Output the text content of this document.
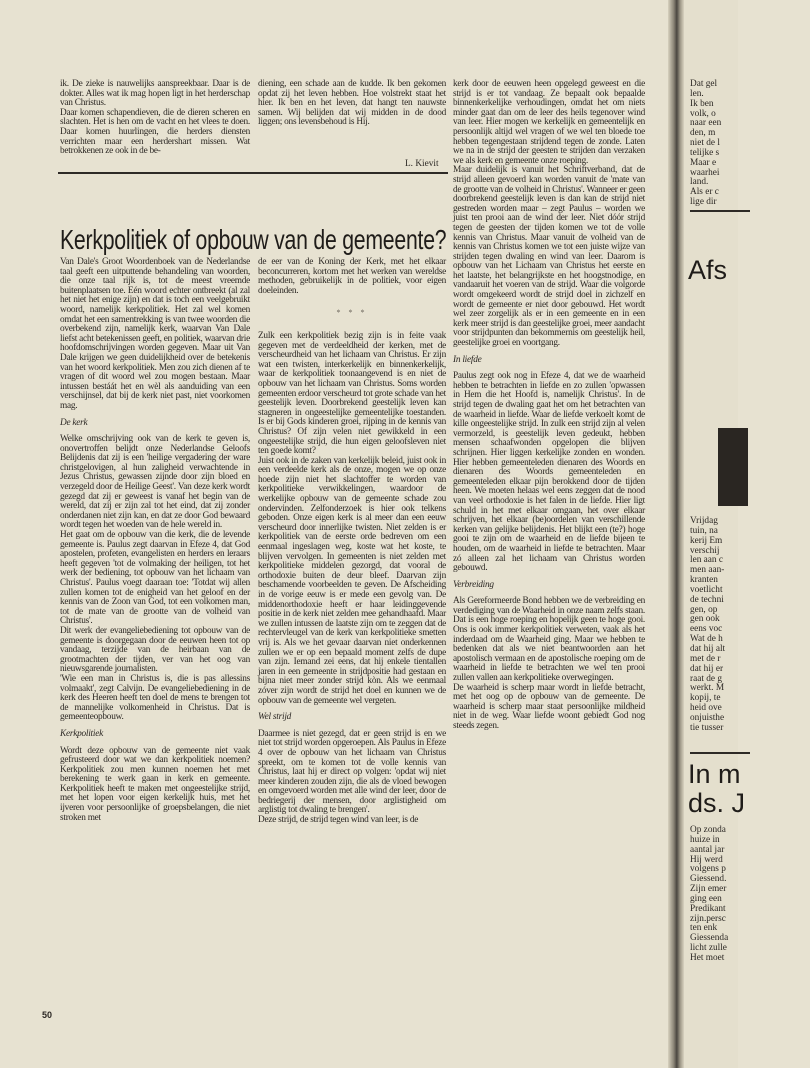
ik. De zieke is nauwelijks aanspreekbaar. Daar is de dokter. Alles wat ik mag hopen ligt in het herderschap van Christus.

Daar komen schapendieven, die de dieren scheren en slachten. Het is hen om de vacht en het vlees te doen. Daar komen huurlingen, die herders diensten verrichten maar een herdershart missen. Wat betrokkenen ze ook in de be-

diening, een schade aan de kudde. Ik ben gekomen opdat zij het leven hebben. Hoe volstrekt staat het hier. Ik ben en het leven, dat hangt ten nauwste samen. Wij belijden dat wij midden in de dood liggen; ons levensbehoud is Hij.

L. Kievit
Kerkpolitiek of opbouw van de gemeente?

Van Dale's Groot Woordenboek van de Nederlandse taal geeft een uitputtende behandeling van woorden, die onze taal rijk is, tot de meest vreemde buitenplaatsen toe. Eén woord echter ontbreekt (al zal het niet het enige zijn) en dat is toch een veelgebruikt woord, namelijk kerkpolitiek. Het zal wel komen omdat het een samentrekking is van twee woorden die overbekend zijn, namelijk kerk, waarvan Van Dale liefst acht betekenissen geeft, en politiek, waarvan drie hoofdomschrijvingen worden gegeven. Maar uit Van Dale krijgen we geen duidelijkheid over de betekenis van het woord kerkpolitiek. Men zou zich dienen af te vragen of dit woord wel zou mogen bestaan. Maar intussen bestáát het en wèl als aanduiding van een verschijnsel, dat bij de kerk niet past, niet voorkomen mag.

De kerk

Welke omschrijving ook van de kerk te geven is, onovertroffen belijdt onze Nederlandse Geloofs Belijdenis dat zij is een 'heilige vergadering der ware christgelovigen, al hun zaligheid verwachtende in Jezus Christus, gewassen zijnde door zijn bloed en verzegeld door de Heilige Geest'. Van deze kerk wordt gezegd dat zij er geweest is vanaf het begin van de wereld, dat zij er zijn zal tot het eind, dat zij zonder onderdanen niet zijn kan, en dat ze door God bewaard wordt tegen het woeden van de hele wereld in.

Het gaat om de opbouw van die kerk, die de levende gemeente is. Paulus zegt daarvan in Efeze 4, dat God apostelen, profeten, evangelisten en herders en leraars heeft gegeven 'tot de volmaking der heiligen, tot het werk der bediening, tot opbouw van het lichaam van Christus'. Paulus voegt daaraan toe: 'Totdat wij allen zullen komen tot de enigheid van het geloof en der kennis van de Zoon van God, tot een volkomen man, tot de mate van de grootte van de volheid van Christus'.

Dit werk der evangeliebediening tot opbouw van de gemeente is doorgegaan door de eeuwen heen tot op vandaag, terzijde van de heirbaan van de grootmachten der tijden, ver van het oog van nieuwsgarende journalisten.

'Wie een man in Christus is, die is pas allessins volmaakt', zegt Calvijn. De evangeliebediening in de kerk des Heeren heeft ten doel de mens te brengen tot de mannelijke volkomenheid in Christus. Dat is gemeenteopbouw.

Kerkpolitiek

Wordt deze opbouw van de gemeente niet vaak gefrusteerd door wat we dan kerkpolitiek noemen? Kerkpolitiek zou men kunnen noemen het met berekening te werk gaan in kerk en gemeente. Kerkpolitiek heeft te maken met ongeestelijke strijd, met het lopen voor eigen kerkelijk huis, met het ijveren voor persoonlijke of groepsbelangen, die niet stroken met

de eer van de Koning der Kerk, met het elkaar beconcurreren, kortom met het werken van wereldse methoden, gebruikelijk in de politiek, voor eigen doeleinden.

* * *

Zulk een kerkpolitiek bezig zijn is in feite vaak gegeven met de verdeeldheid der kerken, met de verscheurdheid van het lichaam van Christus. Er zijn wat een twisten, interkerkelijk en binnenkerkelijk, waar de kerkpolitiek toonaangevend is en niet de opbouw van het lichaam van Christus. Soms worden gemeenten erdoor verscheurd tot grote schade van het geestelijk leven. Doorbrekend geestelijk leven kan stagneren in ongeestelijke gemeentelijke toestanden. Is er bij Gods kinderen groei, rijping in de kennis van Christus? Of zijn velen niet gewikkeld in een ongeestelijke strijd, die hun eigen geloofsleven niet ten goede komt?

Juist ook in de zaken van kerkelijk beleid, juist ook in een verdeelde kerk als de onze, mogen we op onze hoede zijn niet het slachtoffer te worden van kerkpolitieke verwikkelingen, waardoor de werkelijke opbouw van de gemeente schade zou ondervinden. Zelfonderzoek is hier ook telkens geboden. Onze eigen kerk is al meer dan een eeuw verscheurd door innerlijke twisten. Niet zelden is er kerkpolitiek van de eerste orde bedreven om een eenmaal ingeslagen weg, koste wat het koste, te blijven vervolgen. In gemeenten is niet zelden met kerkpolitieke middelen gezorgd, dat vooral de orthodoxie buiten de deur bleef. Daarvan zijn beschamende voorbeelden te geven. De Afscheiding in de vorige eeuw is er mede een gevolg van. De middenorthodoxie heeft er haar leidinggevende positie in de kerk niet zelden mee gehandhaafd. Maar we zullen intussen de laatste zijn om te zeggen dat de rechtervleugel van de kerk van kerkpolitieke smetten vrij is. Als we het gevaar daarvan niet onderkennen zullen we er op een bepaald moment zelfs de dupe van zijn. Iemand zei eens, dat hij enkele tientallen jaren in een gemeente in strijdpositie had gestaan en bijna niet meer zonder strijd kòn. Als we eenmaal zóver zijn wordt de strijd het doel en kunnen we de opbouw van de gemeente wel vergeten.

Wel strijd

Daarmee is niet gezegd, dat er geen strijd is en we niet tot strijd worden opgeroepen. Als Paulus in Efeze 4 over de opbouw van het lichaam van Christus spreekt, om te komen tot de volle kennis van Christus, laat hij er direct op volgen: 'opdat wij niet meer kinderen zouden zijn, die als de vloed bewogen en omgevoerd worden met alle wind der leer, door de bedriegerij der mensen, door arglistigheid om arglistig tot dwaling te brengen'.

Deze strijd, de strijd tegen wind van leer, is de

kerk door de eeuwen heen opgelegd geweest en die strijd is er tot vandaag. Ze bepaalt ook bepaalde binnenkerkelijke verhoudingen, omdat het om niets minder gaat dan om de leer des heils tegenover wind van leer. Hier mogen we kerkelijk en gemeentelijk en persoonlijk altijd wel vragen of we wel ten bloede toe hebben tegengestaan strijdend tegen de zonde. Laten we na in de strijd der geesten te strijden dan verzaken we als kerk en gemeente onze roeping.

Maar duidelijk is vanuit het Schriftverband, dat de strijd alleen gevoerd kan worden vanuit de 'mate van de grootte van de volheid in Christus'. Wanneer er geen doorbrekend geestelijk leven is dan kan de strijd niet gestreden worden maar – zegt Paulus – worden we juist ten prooi aan de wind der leer. Niet dóór strijd tegen de geesten der tijden komen we tot de volle kennis van Christus. Maar vanuit de volheid van de kennis van Christus komen we tot een juiste wijze van strijden tegen dwaling en wind van leer. Daarom is opbouw van het Lichaam van Christus het eerste en het laatste, het belangrijkste en het hoogstnodige, en vandaaruit het voeren van de strijd. Waar die volgorde wordt omgekeerd wordt de strijd doel in zichzelf en wordt de gemeente er niet door gebouwd. Het wordt wel zeer zorgelijk als er in een gemeente en in een kerk meer strijd is dan geestelijke groei, meer aandacht voor strijdpunten dan bekommernis om geestelijk heil, geestelijke groei en voortgang.

In liefde

Paulus zegt ook nog in Efeze 4, dat we de waarheid hebben te betrachten in liefde en zo zullen 'opwassen in Hem die het Hoofd is, namelijk Christus'. In de strijd tegen de dwaling gaat het om het betrachten van de waarheid in liefde. Waar de liefde verkoelt komt de kille ongeestelijke strijd. In zulk een strijd zijn al velen vermorzeld, is geestelijk leven gedeukt, hebben mensen schaafwonden opgelopen die blijven schrijnen. Hier liggen kerkelijke zonden en wonden. Hier hebben gemeenteleden dienaren des Woords en dienaren des Woords gemeenteleden en gemeenteleden elkaar pijn berokkend door de tijden heen. We moeten helaas wel eens zeggen dat de nood van veel orthodoxie is het falen in de liefde. Hier ligt schuld in het met elkaar omgaan, het over elkaar schrijven, het elkaar (be)oordelen van verschillende kerken van gelijke belijdenis. Het blijkt een (te?) hoge gooi te zijn om de waarheid en de liefde bijeen te houden, om de waarheid in liefde te betrachten. Maar zó alleen zal het lichaam van Christus worden gebouwd.

Verbreiding

Als Gereformeerde Bond hebben we de verbreiding en verdediging van de Waarheid in onze naam zelfs staan. Dat is een hoge roeping en hopelijk geen te hoge gooi. Ons is ook immer kerkpolitiek verweten, vaak als het inderdaad om de Waarheid ging. Maar we hebben te bedenken dat als we niet beantwoorden aan het apostolisch vermaan en de apostolische roeping om de waarheid in liefde te betrachten we wel ten prooi zullen vallen aan kerkpolitieke overwegingen.

De waarheid is scherp maar wordt in liefde betracht, met het oog op de opbouw van de gemeente. De waarheid is scherp maar staat persoonlijke mildheid niet in de weg. Waar liefde woont gebiedt God nog steeds zegen.

50
Dat gel
len.
Ik ben
volk, o
naar een
den, m
niet de l
telijke s
Maar e
waarhei
land.
Als er c
lige dir
Afs
Vrijdag
tuin, na
kerij Em
verschij
len aan c
men aan-
kranten
voetlicht
de techni
gen, op
gen ook
eens voc
Wat de h
dat hij alt
met de r
dat hij er
raat de g
werkt. M
kopij, te
heid ove
onjuisthe
tie tusser
In m
ds. J
Op zonda
huize in
aantal jar
Hij werd
volgens p
Giessend.
Zijn emer
ging een
Predikant
zijn.persc
ten enk
Giessenda
licht zulle
Het moet
